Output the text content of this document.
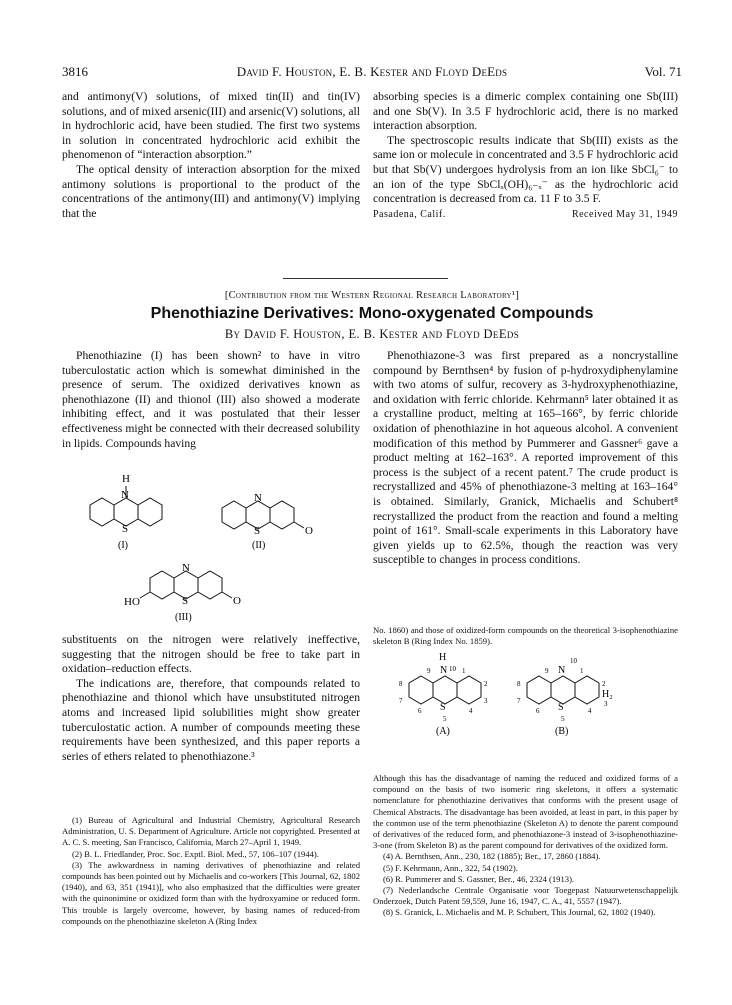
3816	David F. Houston, E. B. Kester and Floyd DeEds	Vol. 71

and antimony(V) solutions, of mixed tin(II) and tin(IV) solutions, and of mixed arsenic(III) and arsenic(V) solutions, all in hydrochloric acid, have been studied. The first two systems in solution in concentrated hydrochloric acid exhibit the phenomenon of “interaction absorption.”

The optical density of interaction absorption for the mixed antimony solutions is proportional to the product of the concentrations of the antimony(III) and antimony(V) implying that the

absorbing species is a dimeric complex containing one Sb(III) and one Sb(V). In 3.5 F hydrochloric acid, there is no marked interaction absorption.

The spectroscopic results indicate that Sb(III) exists as the same ion or molecule in concentrated and 3.5 F hydrochloric acid but that Sb(V) undergoes hydrolysis from an ion like SbCl₆⁻ to an ion of the type SbClₓ(OH)₆₋ₓ⁻ as the hydrochloric acid concentration is decreased from ca. 11 F to 3.5 F.

Pasadena, Calif.	Received May 31, 1949
[Contribution from the Western Regional Research Laboratory¹]
Phenothiazine Derivatives: Mono-oxygenated Compounds
By David F. Houston, E. B. Kester and Floyd DeEds

Phenothiazine (I) has been shown² to have in vitro tuberculostatic action which is somewhat diminished in the presence of serum. The oxidized derivatives known as phenothiazone (II) and thionol (III) also showed a moderate inhibiting effect, and it was postulated that their lesser effectiveness might be connected with their decreased solubility in lipids. Compounds having

H
N
S
(I)
N
S	O
(II)
N
S
HO	O
(III)

substituents on the nitrogen were relatively ineffective, suggesting that the nitrogen should be free to take part in oxidation–reduction effects.

The indications are, therefore, that compounds related to phenothiazine and thionol which have unsubstituted nitrogen atoms and increased lipid solubilities might show greater tuberculostatic action. A number of compounds meeting these requirements have been synthesized, and this paper reports a series of ethers related to phenothiazone.³

(1) Bureau of Agricultural and Industrial Chemistry, Agricultural Research Administration, U. S. Department of Agriculture. Article not copyrighted. Presented at A. C. S. meeting, San Francisco, California, March 27–April 1, 1949.

(2) B. L. Friedlander, Proc. Soc. Exptl. Biol. Med., 57, 106–107 (1944).

(3) The awkwardness in naming derivatives of phenothiazine and related compounds has been pointed out by Michaelis and co-workers [This Journal, 62, 1802 (1940), and 63, 351 (1941)], who also emphasized that the difficulties were greater with the quinonimine or oxidized form than with the hydroxyamine or reduced form. This trouble is largely overcome, however, by basing names of reduced-from compounds on the phenothiazine skeleton A (Ring Index

Phenothiazone-3 was first prepared as a noncrystalline compound by Bernthsen⁴ by fusion of p-hydroxydiphenylamine with two atoms of sulfur, recovery as 3-hydroxyphenothiazine, and oxidation with ferric chloride. Kehrmann⁵ later obtained it as a crystalline product, melting at 165–166°, by ferric chloride oxidation of phenothiazine in hot aqueous alcohol. A convenient modification of this method by Pummerer and Gassner⁶ gave a product melting at 162–163°. A reported improvement of this process is the subject of a recent patent.⁷ The crude product is recrystallized and 45% of phenothiazone-3 melting at 163–164° is obtained. Similarly, Granick, Michaelis and Schubert⁸ recrystallized the product from the reaction and found a melting point of 161°. Small-scale experiments in this Laboratory have given yields up to 62.5%, though the reaction was very susceptible to changes in process conditions.

No. 1860) and those of oxidized-form compounds on the theoretical 3-isophenothiazine skeleton B (Ring Index No. 1859).

H
N 10
9	1
8	2
7	3
S
6
5
4
(A)
10
N
9	1
8	2
7
H₂
3
S
6
5
4
(B)

Although this has the disadvantage of naming the reduced and oxidized forms of a compound on the basis of two isomeric ring skeletons, it offers a systematic nomenclature for phenothiazine derivatives that conforms with the present usage of Chemical Abstracts. The disadvantage has been avoided, at least in part, in this paper by the common use of the term phenothiazine (Skeleton A) to denote the parent compound of derivatives of the reduced form, and phenothiazone-3 instead of 3-isophenothiazine-3-one (from Skeleton B) as the parent compound for derivatives of the oxidized form.

(4) A. Bernthsen, Ann., 230, 182 (1885); Ber., 17, 2860 (1884).

(5) F. Kehrmann, Ann., 322, 54 (1902).

(6) R. Pummerer and S. Gassner, Ber., 46, 2324 (1913).

(7) Nederlandsche Centrale Organisatie voor Toegepast Natuurwetenschappelijk Onderzoek, Dutch Patent 59,559, June 16, 1947, C. A., 41, 5557 (1947).

(8) S. Granick, L. Michaelis and M. P. Schubert, This Journal, 62, 1802 (1940).
